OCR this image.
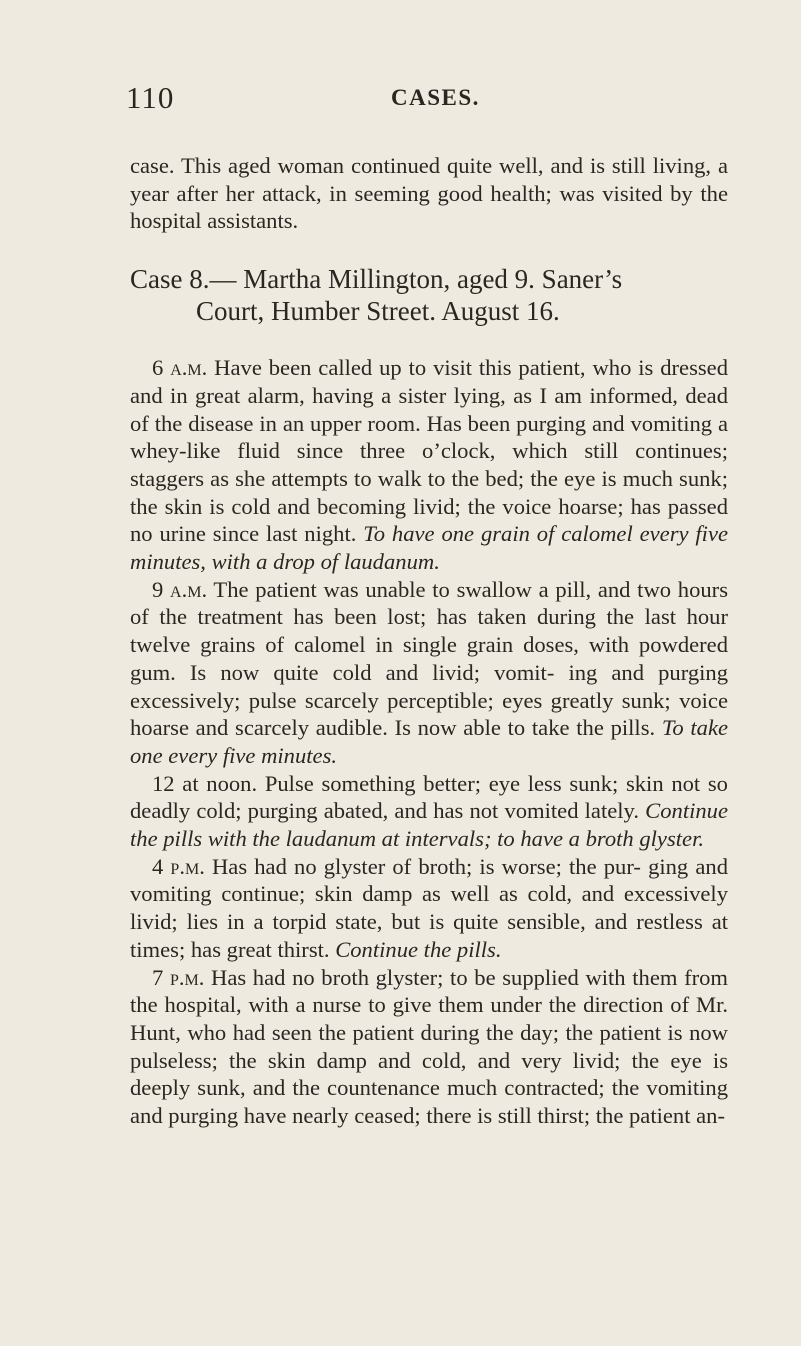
110	CASES.

case. This aged woman continued quite well, and is still living, a year after her attack, in seeming good health; was visited by the hospital assistants.

Case 8.— Martha Millington, aged 9. Saner’s
Court, Humber Street. August 16.

6 a.m. Have been called up to visit this patient, who is dressed and in great alarm, having a sister lying, as I am informed, dead of the disease in an upper room. Has been purging and vomiting a whey-like fluid since three o’clock, which still continues; staggers as she attempts to walk to the bed; the eye is much sunk; the skin is cold and becoming livid; the voice hoarse; has passed no urine since last night. To have one grain of calomel every five minutes, with a drop of laudanum.

9 a.m. The patient was unable to swallow a pill, and two hours of the treatment has been lost; has taken during the last hour twelve grains of calomel in single grain doses, with powdered gum. Is now quite cold and livid; vomit- ing and purging excessively; pulse scarcely perceptible; eyes greatly sunk; voice hoarse and scarcely audible. Is now able to take the pills. To take one every five minutes.

12 at noon. Pulse something better; eye less sunk; skin not so deadly cold; purging abated, and has not vomited lately. Continue the pills with the laudanum at intervals; to have a broth glyster.

4 p.m. Has had no glyster of broth; is worse; the pur- ging and vomiting continue; skin damp as well as cold, and excessively livid; lies in a torpid state, but is quite sensible, and restless at times; has great thirst. Continue the pills.

7 p.m. Has had no broth glyster; to be supplied with them from the hospital, with a nurse to give them under the direction of Mr. Hunt, who had seen the patient during the day; the patient is now pulseless; the skin damp and cold, and very livid; the eye is deeply sunk, and the countenance much contracted; the vomiting and purging have nearly ceased; there is still thirst; the patient an-
